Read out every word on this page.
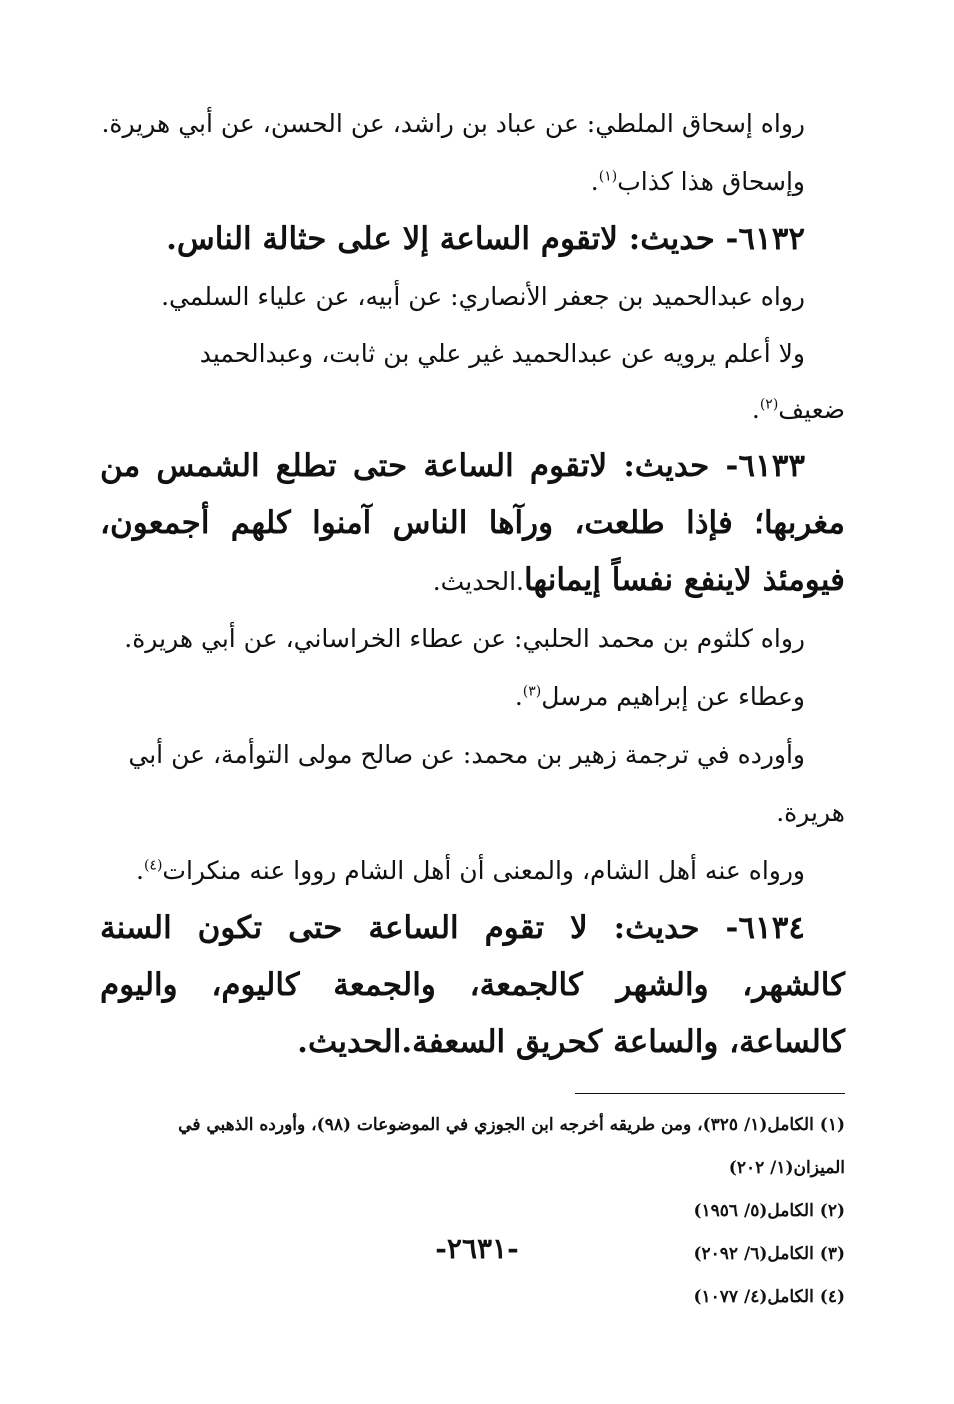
رواه إسحاق الملطي: عن عباد بن راشد، عن الحسن، عن أبي هريرة.

وإسحاق هذا كذاب$^{(١)}$.

٦١٣٢- حديث: لاتقوم الساعة إلا على حثالة الناس.

رواه عبدالحميد بن جعفر الأنصاري: عن أبيه، عن علياء السلمي.

ولا أعلم يرويه عن عبدالحميد غير علي بن ثابت، وعبدالحميد ضعيف$^{(٢)}$.

٦١٣٣- حديث: لاتقوم الساعة حتى تطلع الشمس من مغربها؛ فإذا طلعت، ورآها الناس آمنوا كلهم أجمعون، فيومئذ لاينفع نفساً إيمانها.الحديث.

رواه كلثوم بن محمد الحلبي: عن عطاء الخراساني، عن أبي هريرة.

وعطاء عن إبراهيم مرسل$^{(٣)}$.

وأورده في ترجمة زهير بن محمد: عن صالح مولى التوأمة، عن أبي هريرة.

ورواه عنه أهل الشام، والمعنى أن أهل الشام رووا عنه منكرات$^{(٤)}$.

٦١٣٤- حديث: لا تقوم الساعة حتى تكون السنة كالشهر، والشهر كالجمعة، والجمعة كاليوم، واليوم كالساعة، والساعة كحريق السعفة.الحديث.

(١) الكامل(١/ ٣٢٥)، ومن طريقه أخرجه ابن الجوزي في الموضوعات (٩٨)، وأورده الذهبي في الميزان(١/ ٢٠٢)

(٢) الكامل(٥/ ١٩٥٦)

(٣) الكامل(٦/ ٢٠٩٢)

(٤) الكامل(٤/ ١٠٧٧)

-٢٦٣١-
